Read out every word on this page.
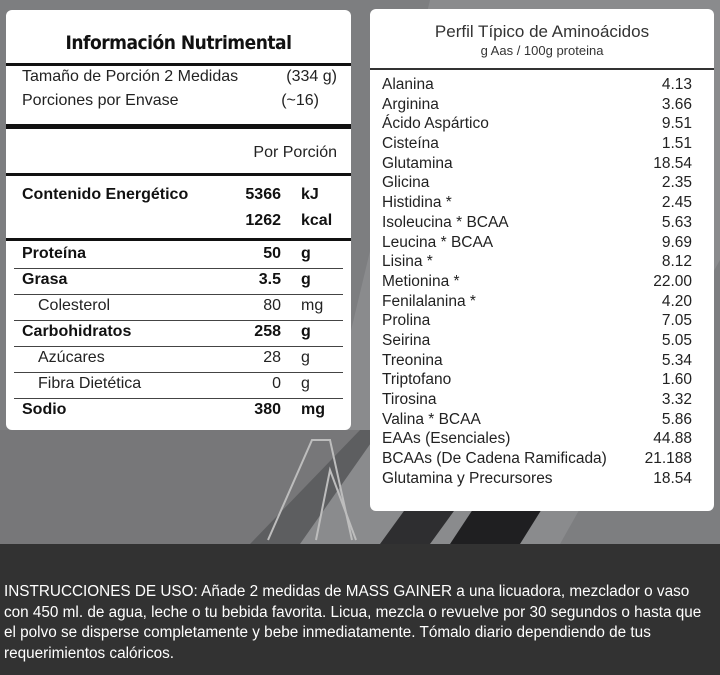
Información Nutrimental
Tamaño de Porción 2 Medidas	(334 g)
Porciones por Envase	(~16)
Por Porción
Contenido Energético	5366 kJ
1262 kcal
Proteína	50 g
Grasa	3.5 g
Colesterol	80 mg
Carbohidratos	258 g
Azúcares	28 g
Fibra Dietética	0 g
Sodio	380 mg
Perfil Típico de Aminoácidos
g Aas / 100g proteina
Alanina	4.13
Arginina	3.66
Ácido Aspártico	9.51
Cisteína	1.51
Glutamina	18.54
Glicina	2.35
Histidina *	2.45
Isoleucina * BCAA	5.63
Leucina * BCAA	9.69
Lisina *	8.12
Metionina *	22.00
Fenilalanina *	4.20
Prolina	7.05
Seirina	5.05
Treonina	5.34
Triptofano	1.60
Tirosina	3.32
Valina * BCAA	5.86
EAAs (Esenciales)	44.88
BCAAs (De Cadena Ramificada) 21.188
Glutamina y Precursores	18.54
INSTRUCCIONES DE USO: Añade 2 medidas de MASS GAINER a una licuadora, mezclador o vaso con 450 ml. de agua, leche o tu bebida favorita. Licua, mezcla o revuelve por 30 segundos o hasta que el polvo se disperse completamente y bebe inmediatamente. Tómalo diario dependiendo de tus requerimientos calóricos.
